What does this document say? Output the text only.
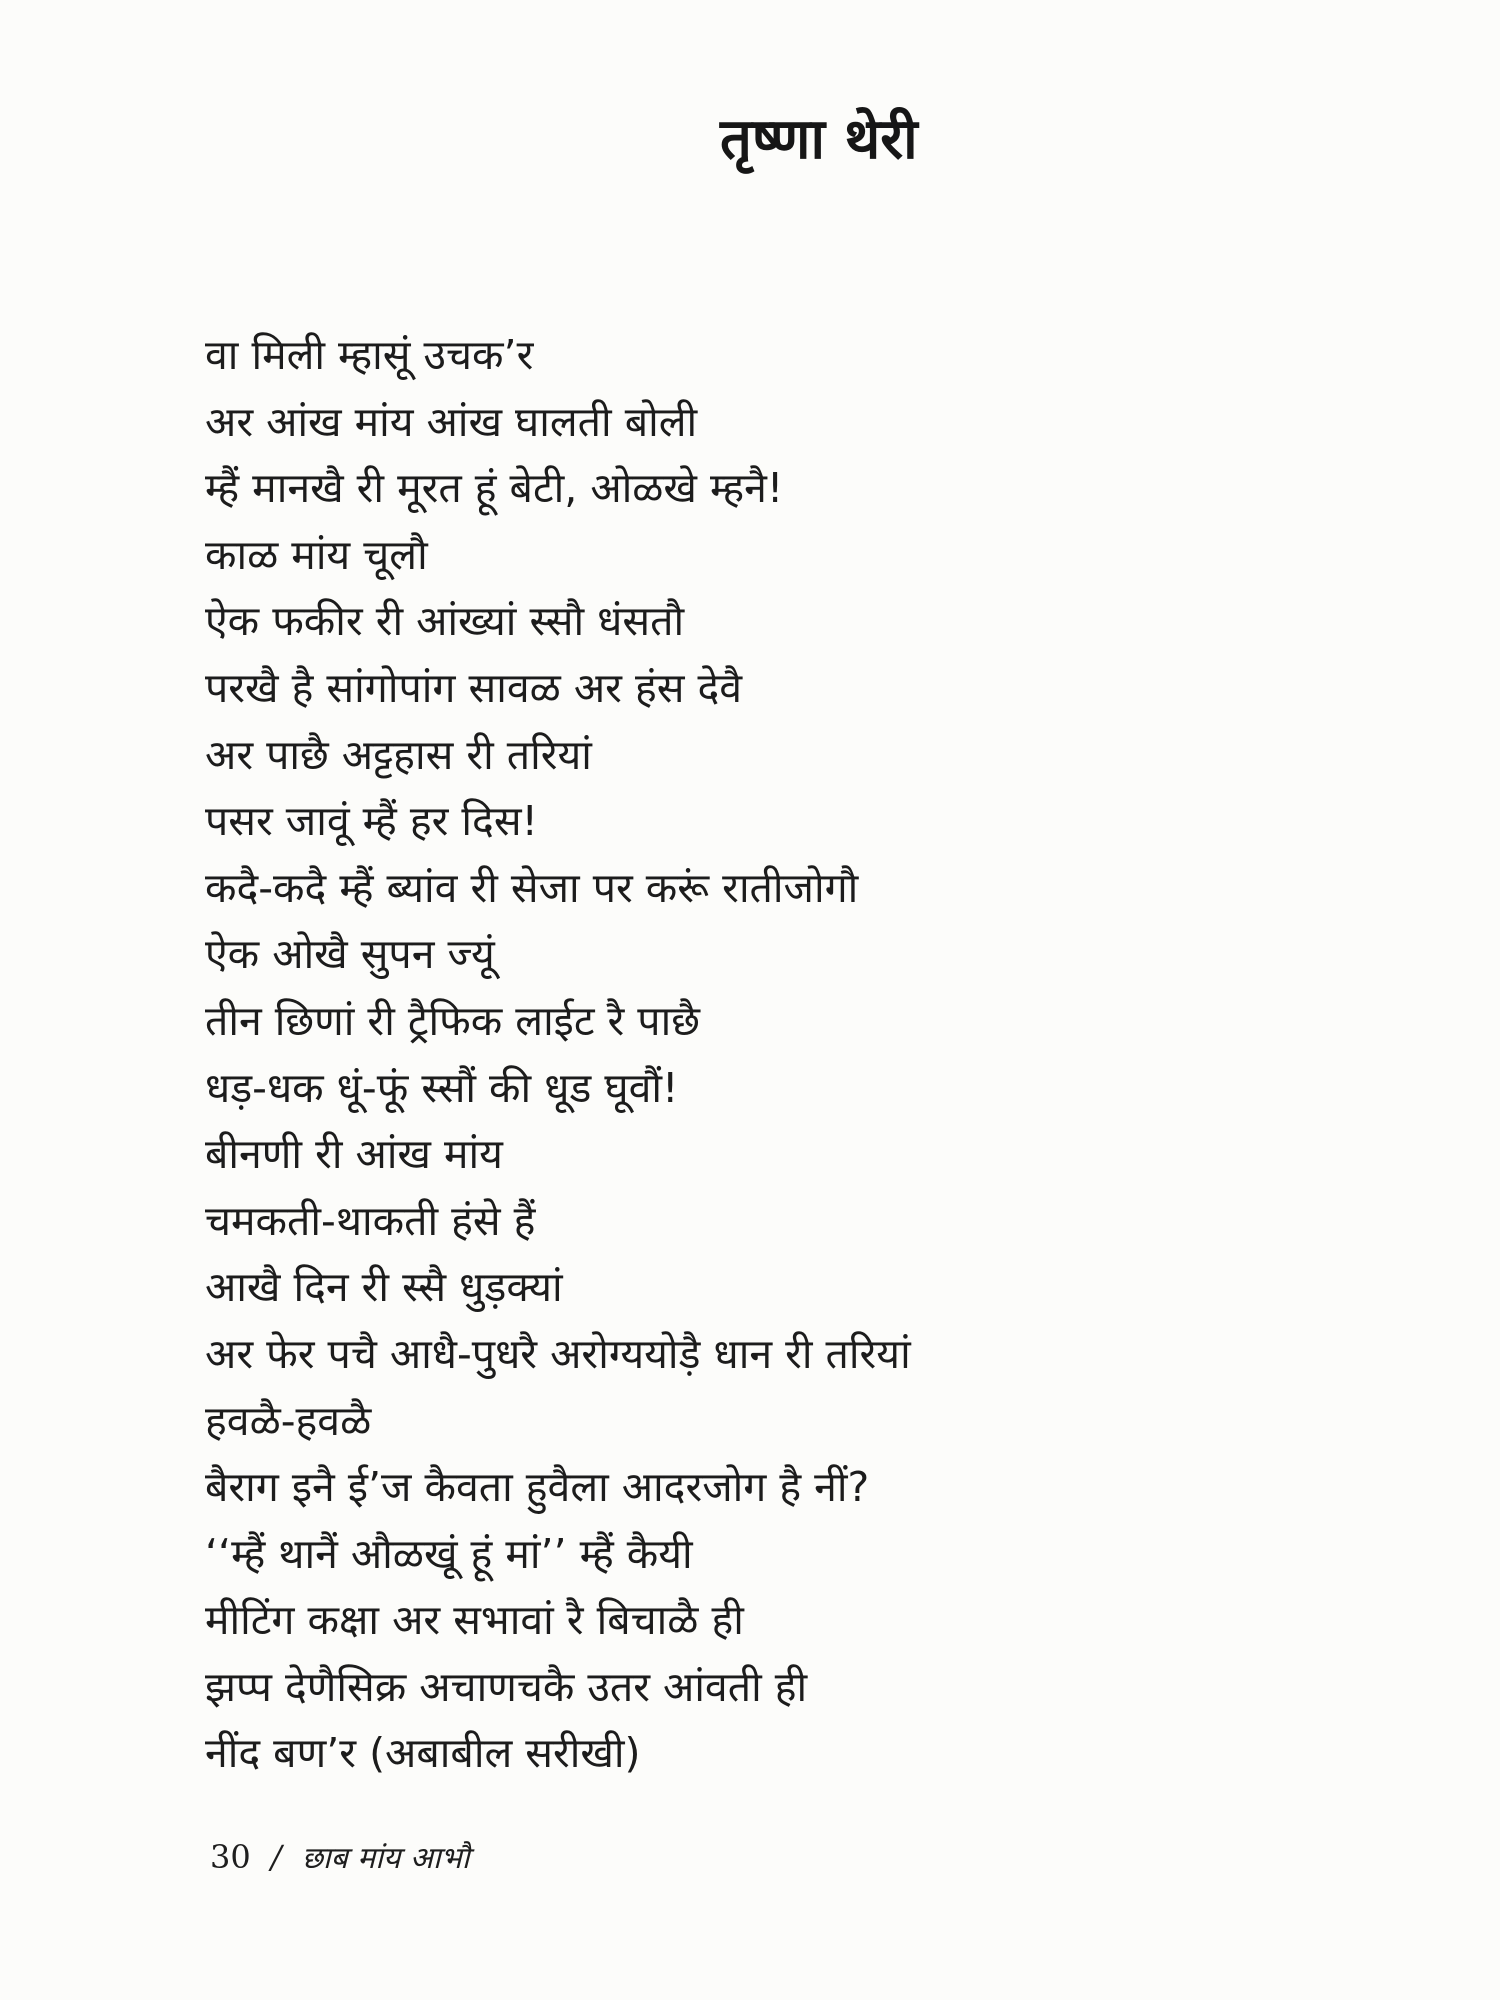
तृष्णा थेरी
वा मिली म्हासूं उचक’र
अर आंख मांय आंख घालती बोली
म्हैं मानखै री मूरत हूं बेटी, ओळखे म्हनै!
काळ मांय चूलौ
ऐक फकीर री आंख्यां स्सौ धंसतौ
परखै है सांगोपांग सावळ अर हंस देवै
अर पाछै अट्टहास री तरियां
पसर जावूं म्हैं हर दिस!
कदै-कदै म्हैं ब्यांव री सेजा पर करूं रातीजोगौ
ऐक ओखै सुपन ज्यूं
तीन छिणां री ट्रैफिक लाईट रै पाछै
धड़-धक धूं-फूं स्सौं की धूड घूवौं!
बीनणी री आंख मांय
चमकती-थाकती हंसे हैं
आखै दिन री स्सै धुड़क्यां
अर फेर पचै आधै-पुधरै अरोग्ययोड़ै धान री तरियां
हवळै-हवळै
बैराग इनै ई’ज कैवता हुवैला आदरजोग है नीं?
‘‘म्हैं थानैं औळखूं हूं मां’’ म्हैं कैयी
मीटिंग कक्षा अर सभावां रै बिचाळै ही
झप्प देणैसिक्र अचाणचकै उतर आंवती ही
नींद बण’र (अबाबील सरीखी)
30 / छाब मांय आभौ
